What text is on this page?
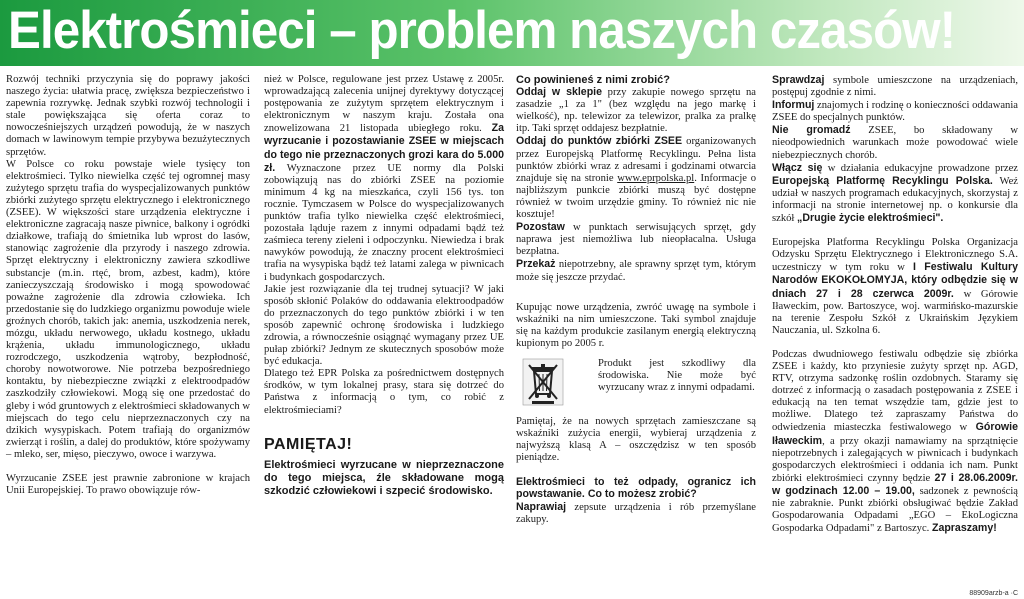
Elektrośmieci – problem naszych czasów!

Rozwój techniki przyczynia się do poprawy jakości naszego życia: ułatwia pracę, zwiększa bezpieczeństwo i zapewnia rozrywkę. Jednak szybki rozwój technologii i stale powiększająca się oferta coraz to nowocześniejszych urządzeń powodują, że w naszych domach w lawinowym tempie przybywa bezużytecznych sprzętów.

W Polsce co roku powstaje wiele tysięcy ton elektrośmieci. Tylko niewielka część tej ogromnej masy zużytego sprzętu trafia do wyspecjalizowanych punktów zbiórki zużytego sprzętu elektrycznego i elektronicznego (ZSEE). W większości stare urządzenia elektryczne i elektroniczne zagracają nasze piwnice, balkony i ogródki działkowe, trafiają do śmietnika lub wprost do lasów, stanowiąc zagrożenie dla przyrody i naszego zdrowia. Sprzęt elektryczny i elektroniczny zawiera szkodliwe substancje (m.in. rtęć, brom, azbest, kadm), które zanieczyszczają środowisko i mogą spowodować poważne zagrożenie dla zdrowia człowieka. Ich przedostanie się do ludzkiego organizmu powoduje wiele groźnych chorób, takich jak: anemia, uszkodzenia nerek, mózgu, układu nerwowego, układu kostnego, układu krążenia, układu immunologicznego, układu rozrodczego, uszkodzenia wątroby, bezpłodność, choroby nowotworowe. Nie potrzeba bezpośredniego kontaktu, by niebezpieczne związki z elektroodpadów zaszkodziły człowiekowi. Mogą się one przedostać do gleby i wód gruntowych z elektrośmieci składowanych w miejscach do tego celu nieprzeznaczonych czy na dzikich wysypiskach. Potem trafiają do organizmów zwierząt i roślin, a dalej do produktów, które spożywamy – mleko, ser, mięso, pieczywo, owoce i warzywa.

Wyrzucanie ZSEE jest prawnie zabronione w krajach Unii Europejskiej. To prawo obowiązuje rów-

nież w Polsce, regulowane jest przez Ustawę z 2005r. wprowadzającą zalecenia unijnej dyrektywy dotyczącej postępowania ze zużytym sprzętem elektrycznym i elektronicznym w naszym kraju. Została ona znowelizowana 21 listopada ubiegłego roku. Za wyrzucanie i pozostawianie ZSEE w miejscach do tego nie przeznaczonych grozi kara do 5.000 zł. Wyznaczone przez UE normy dla Polski zobowiązują nas do zbiórki ZSEE na poziomie minimum 4 kg na mieszkańca, czyli 156 tys. ton rocznie. Tymczasem w Polsce do wyspecjalizowanych punktów trafia tylko niewielka część elektrośmieci, pozostała ląduje razem z innymi odpadami bądź też zaśmieca tereny zieleni i odpoczynku. Niewiedza i brak nawyków powodują, że znaczny procent elektrośmieci trafia na wysypiska bądź też latami zalega w piwnicach i budynkach gospodarczych.

Jakie jest rozwiązanie dla tej trudnej sytuacji? W jaki sposób skłonić Polaków do oddawania elektroodpadów do przeznaczonych do tego punktów zbiórki i w ten sposób zapewnić ochronę środowiska i ludzkiego zdrowia, a równocześnie osiągnąć wymagany przez UE pułap zbiórki? Jednym ze skutecznych sposobów może być edukacja.

Dlatego też EPR Polska za pośrednictwem dostępnych środków, w tym lokalnej prasy, stara się dotrzeć do Państwa z informacją o tym, co robić z elektrośmieciami?

PAMIĘTAJ!

Elektrośmieci wyrzucane w nieprzeznaczone do tego miejsca, źle składowane mogą szkodzić człowiekowi i szpecić środowisko.

Co powinieneś z nimi zrobić?

Oddaj w sklepie przy zakupie nowego sprzętu na zasadzie „1 za 1" (bez względu na jego markę i wielkość), np. telewizor za telewizor, pralka za pralkę itp. Taki sprzęt oddajesz bezpłatnie.

Oddaj do punktów zbiórki ZSEE organizowanych przez Europejską Platformę Recyklingu. Pełna lista punktów zbiórki wraz z adresami i godzinami otwarcia znajduje się na stronie www.eprpolska.pl. Informacje o najbliższym punkcie zbiórki muszą być dostępne również w twoim urzędzie gminy. To również nic nie kosztuje!

Pozostaw w punktach serwisujących sprzęt, gdy naprawa jest niemożliwa lub nieopłacalna. Usługa bezpłatna.

Przekaż niepotrzebny, ale sprawny sprzęt tym, którym może się jeszcze przydać.

Kupując nowe urządzenia, zwróć uwagę na symbole i wskaźniki na nim umieszczone. Taki symbol znajduje się na każdym produkcie zasilanym energią elektryczną kupionym po 2005 r.

Produkt jest szkodliwy dla środowiska. Nie może być wyrzucany wraz z innymi odpadami.

Pamiętaj, że na nowych sprzętach zamieszczane są wskaźniki zużycia energii, wybieraj urządzenia z najwyższą klasą A – oszczędzisz w ten sposób pieniądze.

Elektrośmieci to też odpady, ogranicz ich powstawanie. Co to możesz zrobić?

Naprawiaj zepsute urządzenia i rób przemyślane zakupy.

Sprawdzaj symbole umieszczone na urządzeniach, postępuj zgodnie z nimi.

Informuj znajomych i rodzinę o konieczności oddawania ZSEE do specjalnych punktów.

Nie gromadź ZSEE, bo składowany w nieodpowiednich warunkach może powodować wiele niebezpiecznych chorób.

Włącz się w działania edukacyjne prowadzone przez Europejską Platformę Recyklingu Polska. Weź udział w naszych programach edukacyjnych, skorzystaj z informacji na stronie internetowej np. o konkursie dla szkół „Drugie życie elektrośmieci".

Europejska Platforma Recyklingu Polska Organizacja Odzysku Sprzętu Elektrycznego i Elektronicznego S.A. uczestniczy w tym roku w I Festiwalu Kultury Narodów EKOKOŁOMYJA, który odbędzie się w dniach 27 i 28 czerwca 2009r. w Górowie Iławeckim, pow. Bartoszyce, woj. warmińsko-mazurskie na terenie Zespołu Szkół z Ukraińskim Językiem Nauczania, ul. Szkolna 6.

Podczas dwudniowego festiwalu odbędzie się zbiórka ZSEE i każdy, kto przyniesie zużyty sprzęt np. AGD, RTV, otrzyma sadzonkę roślin ozdobnych. Staramy się dotrzeć z informacją o zasadach postępowania z ZSEE i edukacją na ten temat wszędzie tam, gdzie jest to możliwe. Dlatego też zapraszamy Państwa do odwiedzenia miasteczka festiwalowego w Górowie Iławeckim, a przy okazji namawiamy na sprzątnięcie niepotrzebnych i zalegających w piwnicach i budynkach gospodarczych elektrośmieci i oddania ich nam. Punkt zbiórki elektrośmieci czynny będzie 27 i 28.06.2009r. w godzinach 12.00 – 19.00, sadzonek z pewnością nie zabraknie. Punkt zbiórki obsługiwać będzie Zakład Gospodarowania Odpadami „EGO – EkoLogiczna Gospodarka Odpadami" z Bartoszyc. Zapraszamy!

88909arzb-a ·C
